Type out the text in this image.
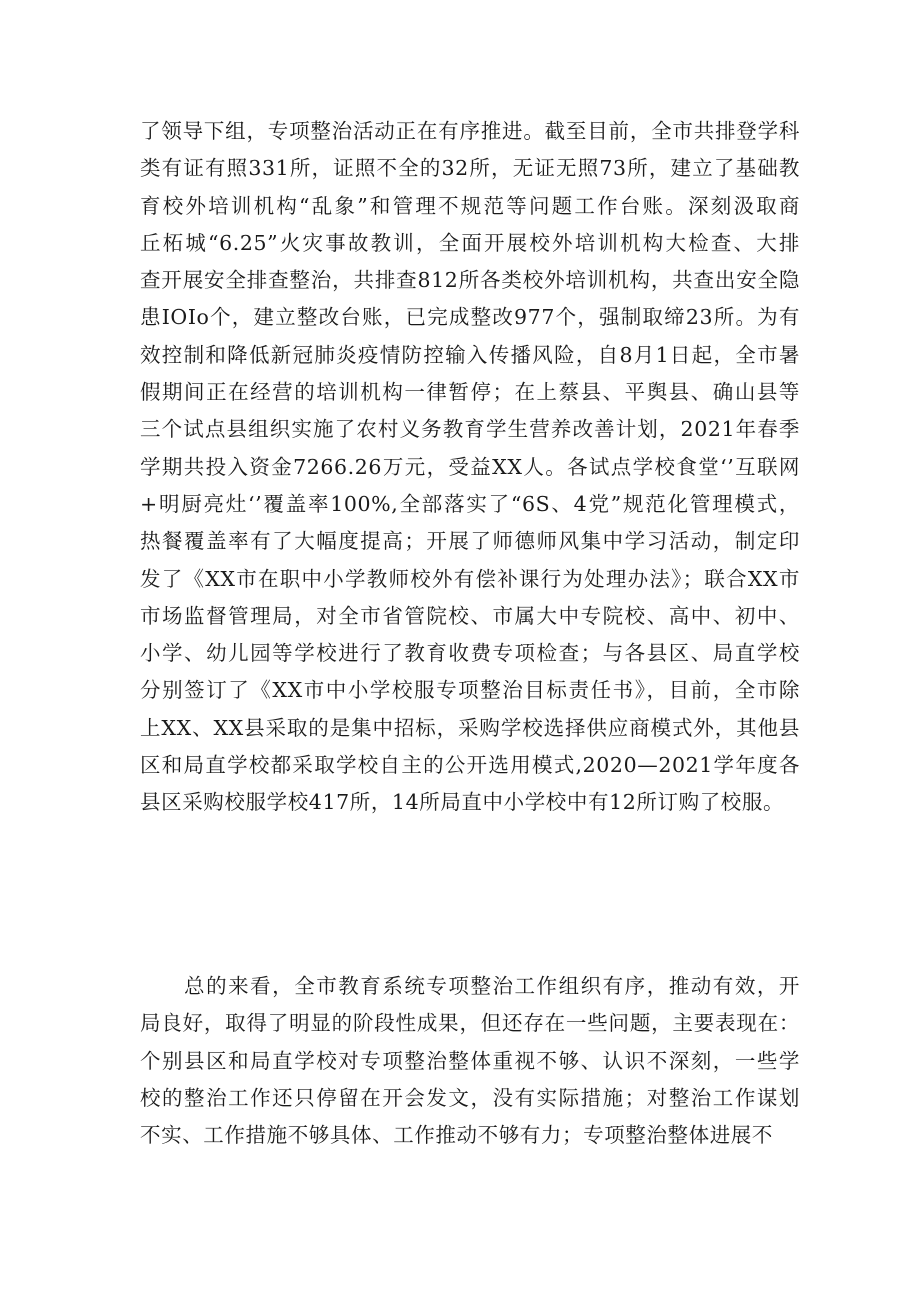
了领导下组，专项整治活动正在有序推进。截至目前，全市共排登学科
类有证有照331所，证照不全的32所，无证无照73所，建立了基础教
育校外培训机构“乱象”和管理不规范等问题工作台账。深刻汲取商
丘柘城“6.25”火灾事故教训，全面开展校外培训机构大检查、大排
查开展安全排查整治，共排查812所各类校外培训机构，共查出安全隐
患IOIo个，建立整改台账，已完成整改977个，强制取缔23所。为有
效控制和降低新冠肺炎疫情防控输入传播风险，自8月1日起，全市暑
假期间正在经营的培训机构一律暂停；在上蔡县、平舆县、确山县等
三个试点县组织实施了农村义务教育学生营养改善计划，2021年春季
学期共投入资金7266.26万元，受益XX人。各试点学校食堂‘’互联网
+明厨亮灶‘’覆盖率100%,全部落实了“6S、4党”规范化管理模式，
热餐覆盖率有了大幅度提高；开展了师德师风集中学习活动，制定印
发了《XX市在职中小学教师校外有偿补课行为处理办法》；联合XX市
市场监督管理局，对全市省管院校、市属大中专院校、高中、初中、
小学、幼儿园等学校进行了教育收费专项检查；与各县区、局直学校
分别签订了《XX市中小学校服专项整治目标责任书》，目前，全市除
上XX、XX县采取的是集中招标，采购学校选择供应商模式外，其他县
区和局直学校都采取学校自主的公开选用模式,2020—2021学年度各
县区采购校服学校417所，14所局直中小学校中有12所订购了校服。
　　总的来看，全市教育系统专项整治工作组织有序，推动有效，开
局良好，取得了明显的阶段性成果，但还存在一些问题，主要表现在：
个别县区和局直学校对专项整治整体重视不够、认识不深刻，一些学
校的整治工作还只停留在开会发文，没有实际措施；对整治工作谋划
不实、工作措施不够具体、工作推动不够有力；专项整治整体进展不
